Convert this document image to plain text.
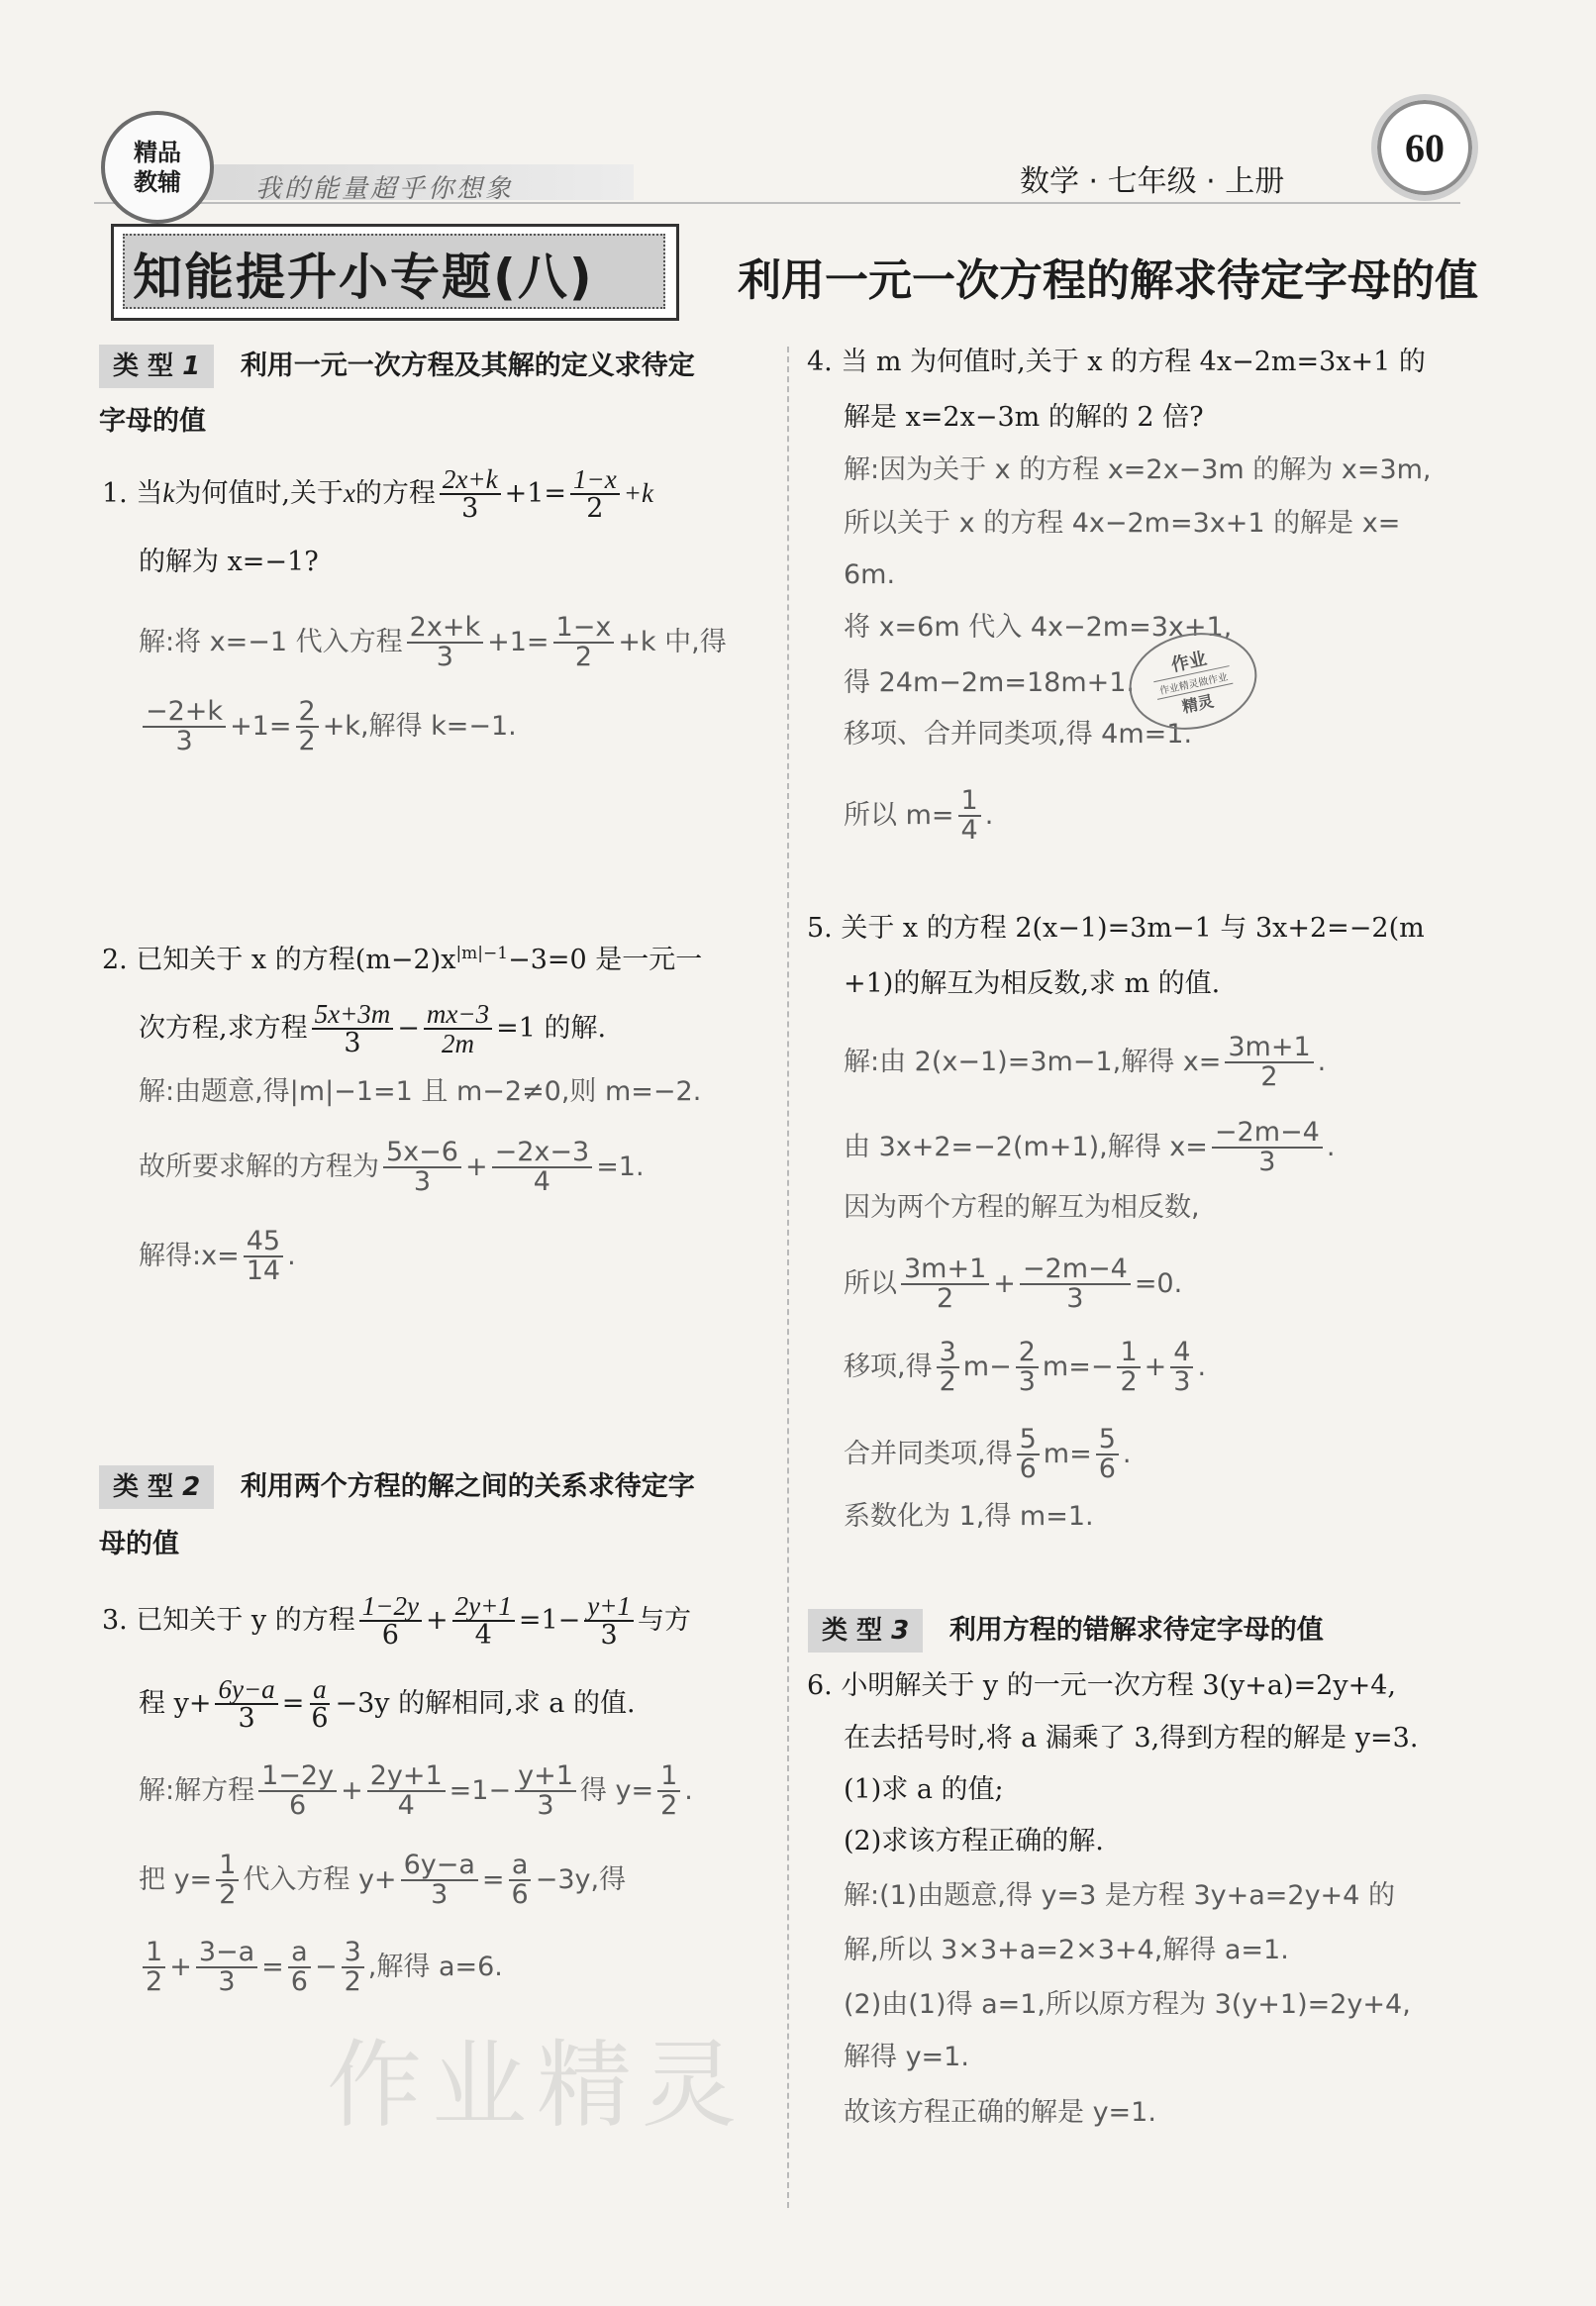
精品
教辅	我的能量超乎你想象	数学 · 七年级 · 上册
60
知能提升小专题(八)	利用一元一次方程的解求待定字母的值
类 型 1 利用一元一次方程及其解的定义求待定
字母的值
1. 当k为何值时,关于x的方程 $\frac{2x+k}{3} +1= \frac{1-x}{2} +k$
的解为 x=−1?
解:将 x=−1 代入方程 $\frac{2x+k}{3} +1= \frac{1-x}{2} +k$ 中,得
$\frac{-2+k}{3} +1= \frac{2}{2} +k$,解得 k=−1.
2. 已知关于 x 的方程$(m-2)x^{|m|-1}-3=0$ 是一元一
次方程,求方程 $\frac{5x+3m}{3} - \frac{mx-3}{2m} =1$ 的解.
解:由题意,得|m|−1=1 且 m−2≠0,则 m=−2.
故所要求解的方程为 $\frac{5x-6}{3} + \frac{-2x-3}{4} =1$.
解得:x= $\frac{45}{14}$ .
类 型 2 利用两个方程的解之间的关系求待定字
母的值
3. 已知关于 y 的方程 $\frac{1-2y}{6} + \frac{2y+1}{4} =1- \frac{y+1}{3}$ 与方
程 $y+ \frac{6y-a}{3} = \frac{a}{6} -3y$ 的解相同,求 a 的值.
解:解方程 $\frac{1-2y}{6} + \frac{2y+1}{4} =1- \frac{y+1}{3}$ 得 $y= \frac{1}{2}$ .
把 $y= \frac{1}{2}$ 代入方程 $y+ \frac{6y-a}{3} = \frac{a}{6} -3y$,得
$\frac{1}{2} + \frac{3-a}{3} = \frac{a}{6} - \frac{3}{2}$ ,解得 a=6.
作业精灵
4. 当 m 为何值时,关于 x 的方程 4x−2m=3x+1 的
解是 x=2x−3m 的解的 2 倍?
解:因为关于 x 的方程 x=2x−3m 的解为 x=3m,
所以关于 x 的方程 4x−2m=3x+1 的解是 x=
6m.
将 x=6m 代入 4x−2m=3x+1,
得 24m−2m=18m+1.
移项、合并同类项,得 4m=1.
所以 $m= \frac{1}{4}$ .
作业
作业精灵做作业
精灵
5. 关于 x 的方程 2(x−1)=3m−1 与 3x+2=−2(m
+1)的解互为相反数,求 m 的值.
解:由 2(x−1)=3m−1,解得 $x= \frac{3m+1}{2}$ .
由 3x+2=−2(m+1),解得 $x= \frac{-2m-4}{3}$ .
因为两个方程的解互为相反数,
所以 $\frac{3m+1}{2} + \frac{-2m-4}{3} =0$.
移项,得 $\frac{3}{2} m- \frac{2}{3} m=- \frac{1}{2} + \frac{4}{3}$ .
合并同类项,得 $\frac{5}{6} m= \frac{5}{6}$ .
系数化为 1,得 m=1.
类 型 3 利用方程的错解求待定字母的值
6. 小明解关于 y 的一元一次方程 3(y+a)=2y+4,
在去括号时,将 a 漏乘了 3,得到方程的解是 y=3.
(1)求 a 的值;
(2)求该方程正确的解.
解:(1)由题意,得 y=3 是方程 3y+a=2y+4 的
解,所以 3×3+a=2×3+4,解得 a=1.
(2)由(1)得 a=1,所以原方程为 3(y+1)=2y+4,
解得 y=1.
故该方程正确的解是 y=1.
